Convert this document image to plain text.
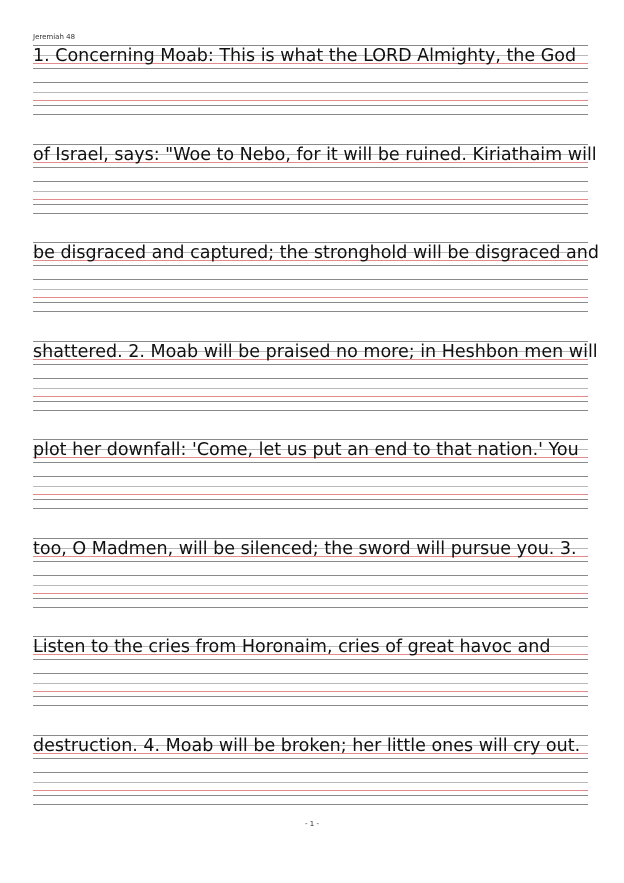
Jeremiah 48
1. Concerning Moab: This is what the LORD Almighty, the God
of Israel, says: "Woe to Nebo, for it will be ruined. Kiriathaim will
be disgraced and captured; the stronghold will be disgraced and
shattered. 2. Moab will be praised no more; in Heshbon men will
plot her downfall: 'Come, let us put an end to that nation.' You
too, O Madmen, will be silenced; the sword will pursue you. 3.
Listen to the cries from Horonaim, cries of great havoc and
destruction. 4. Moab will be broken; her little ones will cry out.
- 1 -
